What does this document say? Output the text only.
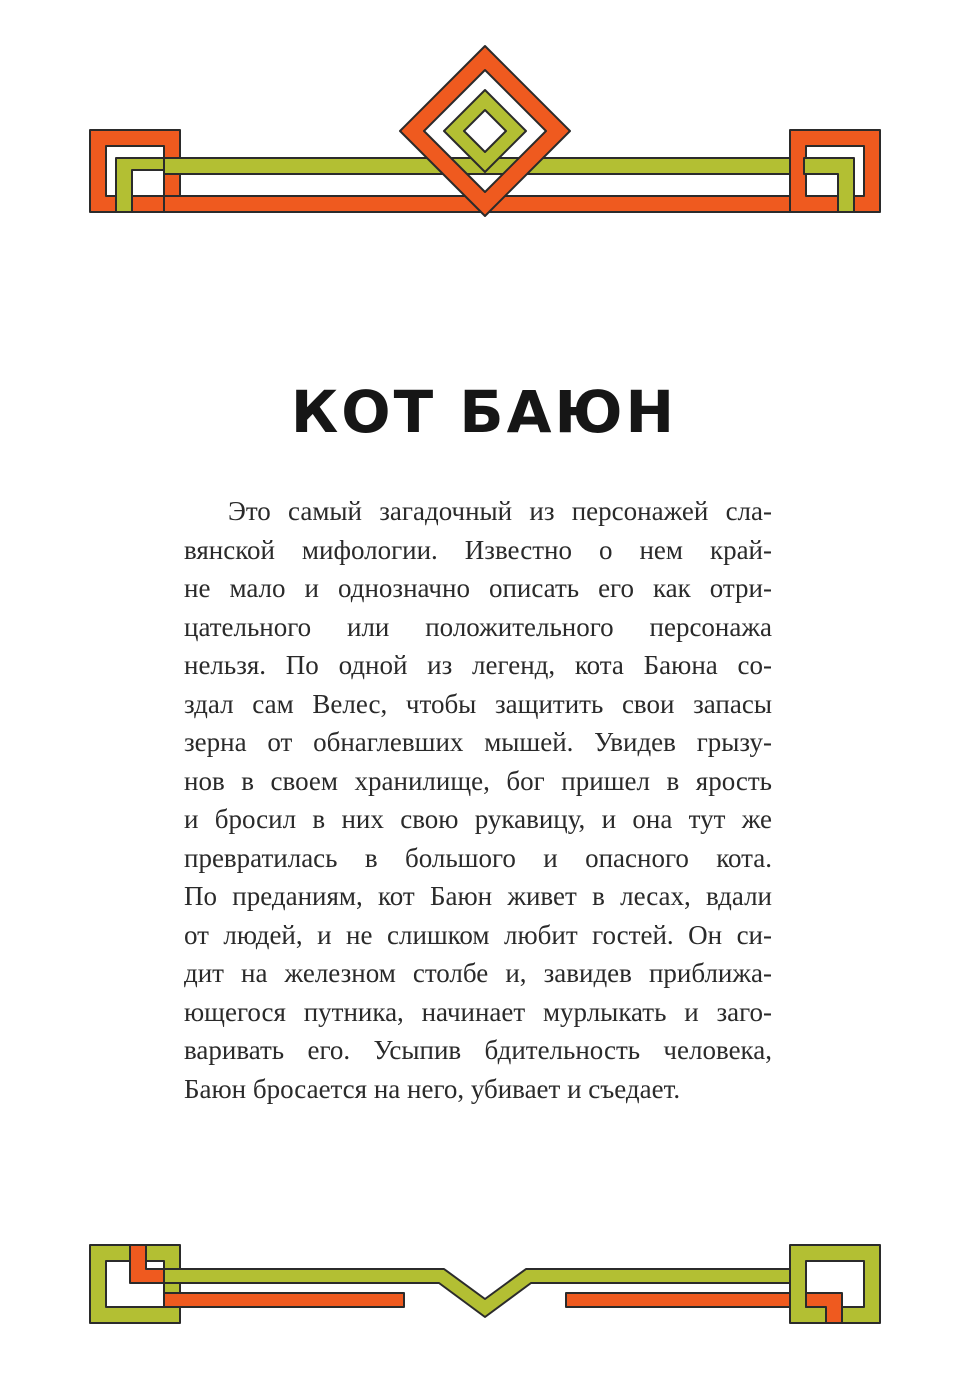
КОТ БАЮН

Это самый загадочный из персонажей сла-
вянской мифологии. Известно о нем край-
не мало и однозначно описать его как отри-
цательного или положительного персонажа
нельзя. По одной из легенд, кота Баюна со-
здал сам Велес, чтобы защитить свои запасы
зерна от обнаглевших мышей. Увидев грызу-
нов в своем хранилище, бог пришел в ярость
и бросил в них свою рукавицу, и она тут же
превратилась в большого и опасного кота.
По преданиям, кот Баюн живет в лесах, вдали
от людей, и не слишком любит гостей. Он си-
дит на железном столбе и, завидев приближа-
ющегося путника, начинает мурлыкать и заго-
варивать его. Усыпив бдительность человека,
Баюн бросается на него, убивает и съедает.
